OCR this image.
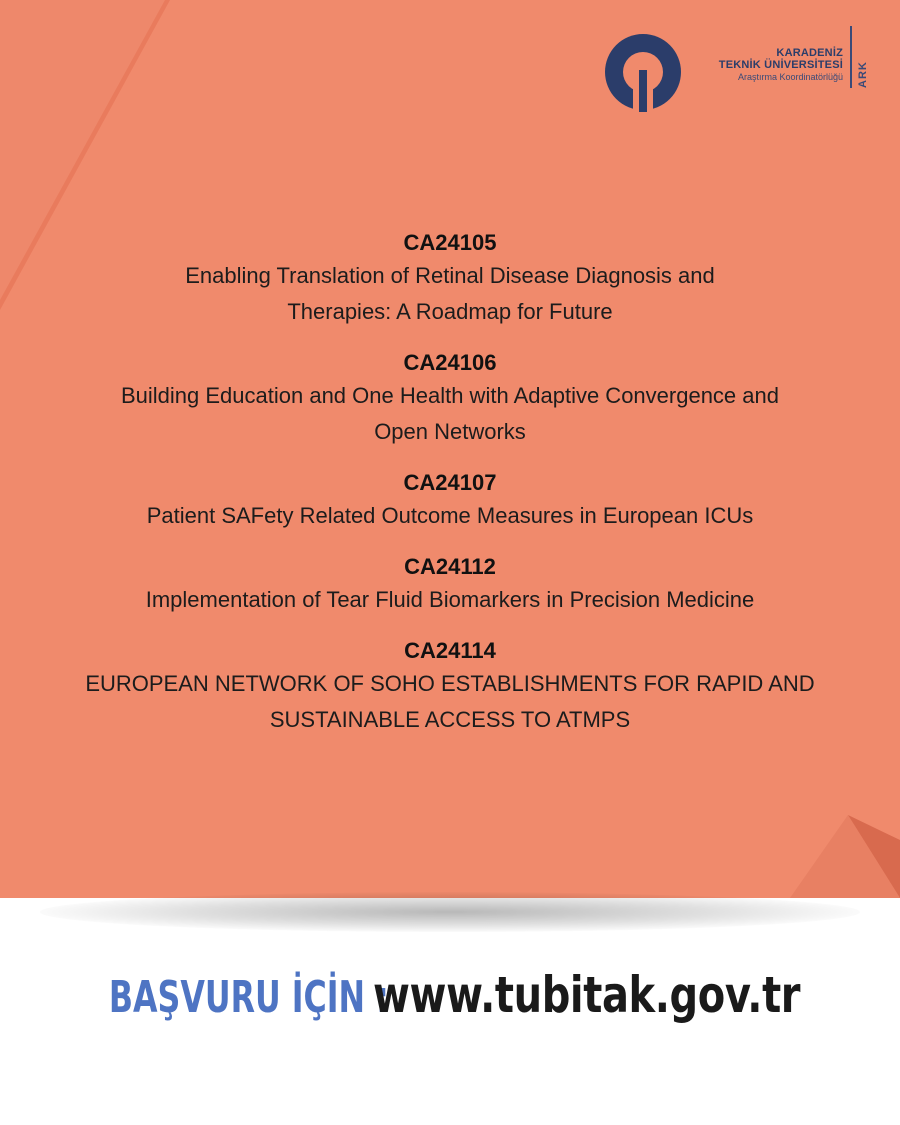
KARADENİZ
TEKNİK ÜNİVERSİTESİ
Araştırma Koordinatörlüğü ARK
CA24105
Enabling Translation of Retinal Disease Diagnosis and
Therapies: A Roadmap for Future
CA24106
Building Education and One Health with Adaptive Convergence and
Open Networks
CA24107
Patient SAFety Related Outcome Measures in European ICUs
CA24112
Implementation of Tear Fluid Biomarkers in Precision Medicine
CA24114
EUROPEAN NETWORK OF SOHO ESTABLISHMENTS FOR RAPID AND
SUSTAINABLE ACCESS TO ATMPS
BAŞVURU İÇİN : www.tubitak.gov.tr
